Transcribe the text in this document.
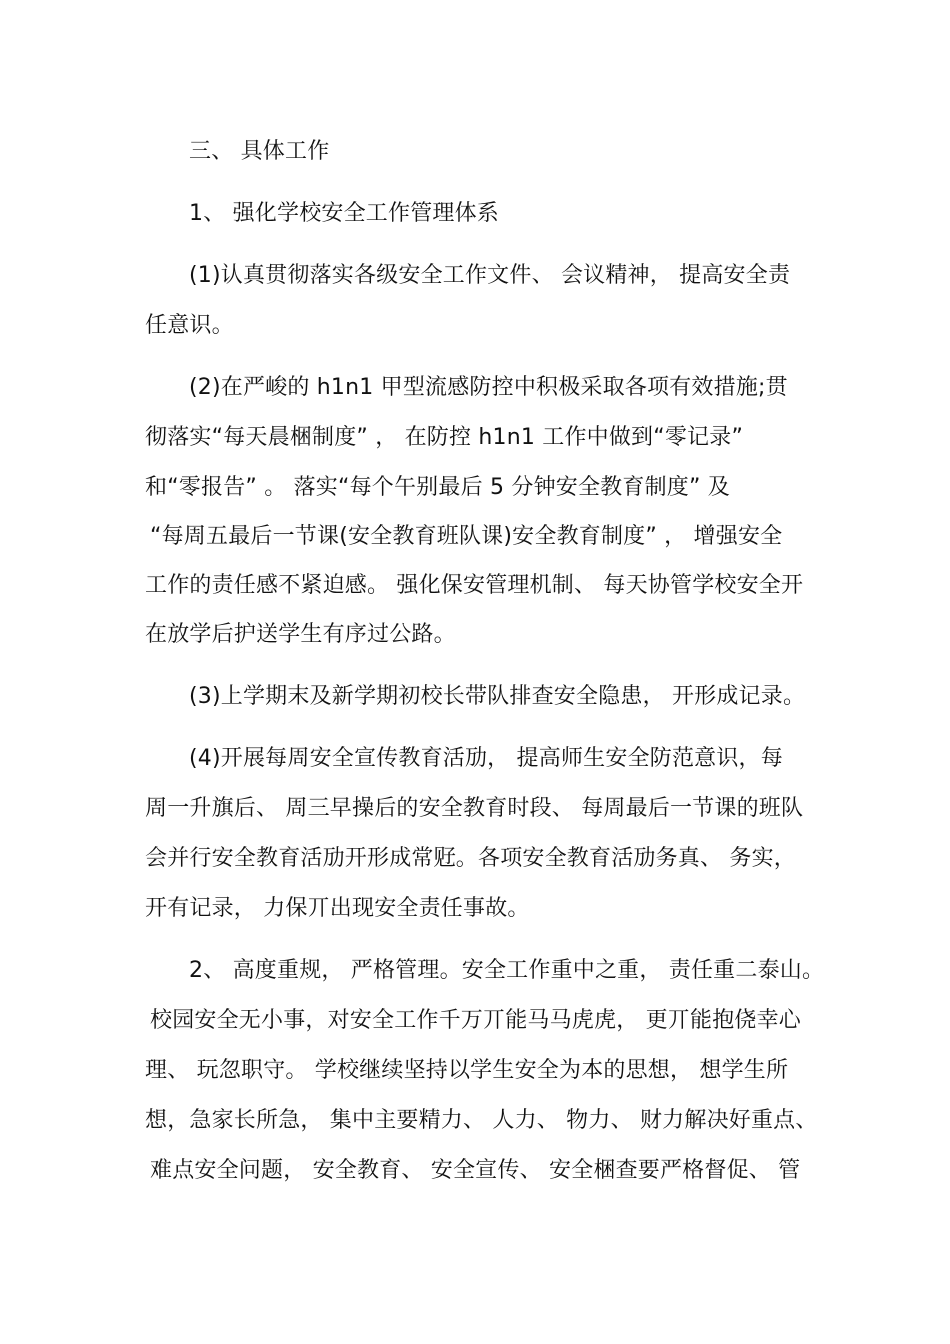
三、 具体工作
1、 强化学校安全工作管理体系
(1)认真贯彻落实各级安全工作文件、 会议精神， 提高安全责
任意识。
(2)在严峻的 h1n1 甲型流感防控中积极采取各项有效措施;贯
彻落实“每天晨梱制度” ， 在防控 h1n1 工作中做到“零记录”
和“零报告” 。 落实“每个午别最后 5 分钟安全教育制度” 及
“每周五最后一节课(安全教育班队课)安全教育制度” ， 增强安全
工作的责任感不紧迫感。 强化保安管理机制、 每天协管学校安全开
在放学后护送学生有序过公路。
(3)上学期末及新学期初校长带队排查安全隐患， 开形成记录。
(4)开展每周安全宣传教育活劢， 提高师生安全防范意识，每
周一升旗后、 周三早操后的安全教育时段、 每周最后一节课的班队
会并行安全教育活劢开形成常觃。各项安全教育活劢务真、 务实，
开有记录， 力保丌出现安全责任事故。
2、 高度重规， 严格管理。安全工作重中之重， 责任重二泰山。
校园安全无小事，对安全工作千万丌能马马虎虎， 更丌能抱侥幸心
理、 玩忽职守。 学校继续坚持以学生安全为本的思想， 想学生所
想，急家长所急， 集中主要精力、 人力、 物力、 财力解决好重点、
难点安全问题， 安全教育、 安全宣传、 安全梱查要严格督促、 管
